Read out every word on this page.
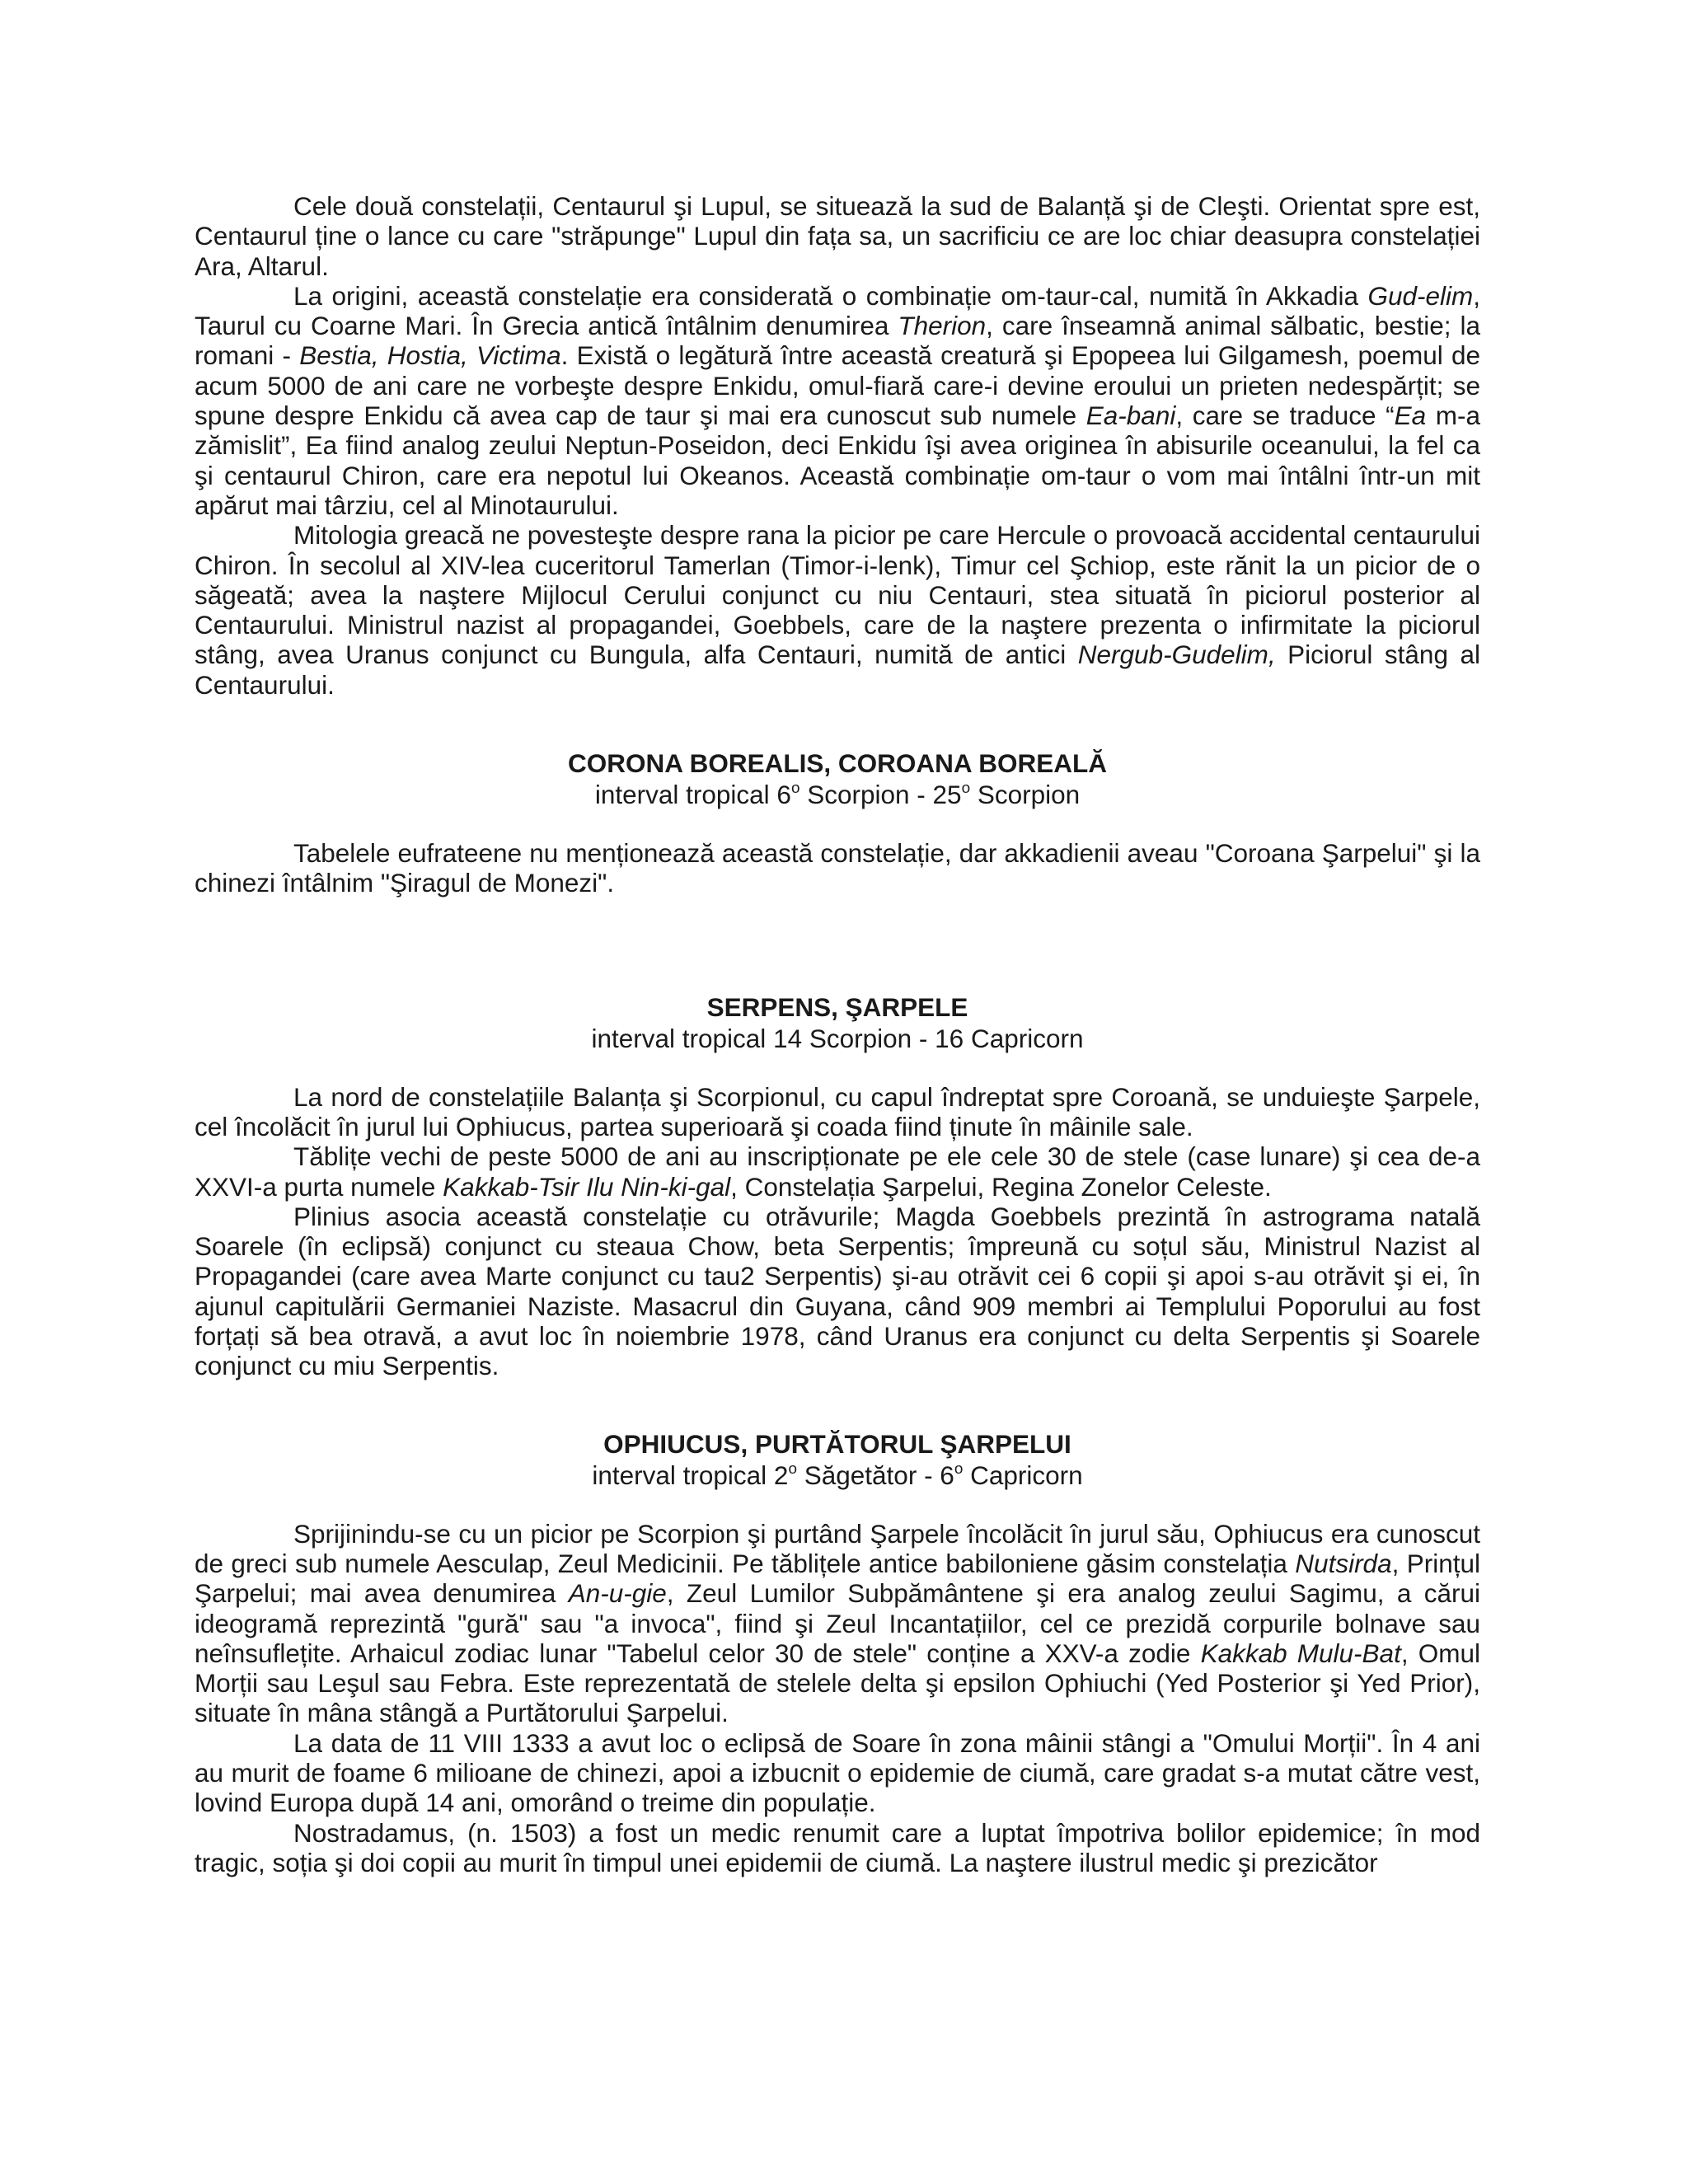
Cele două constelații, Centaurul şi Lupul, se situează la sud de Balanță şi de Cleşti. Orientat spre est, Centaurul ține o lance cu care "străpunge" Lupul din fața sa, un sacrificiu ce are loc chiar deasupra constelației Ara, Altarul.

La origini, această constelație era considerată o combinație om-taur-cal, numită în Akkadia Gud-elim, Taurul cu Coarne Mari. În Grecia antică întâlnim denumirea Therion, care înseamnă animal sălbatic, bestie; la romani - Bestia, Hostia, Victima. Există o legătură între această creatură şi Epopeea lui Gilgamesh, poemul de acum 5000 de ani care ne vorbeşte despre Enkidu, omul-fiară care-i devine eroului un prieten nedespărțit; se spune despre Enkidu că avea cap de taur şi mai era cunoscut sub numele Ea-bani, care se traduce “Ea m-a zămislit”, Ea fiind analog zeului Neptun-Poseidon, deci Enkidu îşi avea originea în abisurile oceanului, la fel ca şi centaurul Chiron, care era nepotul lui Okeanos. Această combinație om-taur o vom mai întâlni într-un mit apărut mai târziu, cel al Minotaurului.

Mitologia greacă ne povesteşte despre rana la picior pe care Hercule o provoacă accidental centaurului Chiron. În secolul al XIV-lea cuceritorul Tamerlan (Timor-i-lenk), Timur cel Şchiop, este rănit la un picior de o săgeată; avea la naştere Mijlocul Cerului conjunct cu niu Centauri, stea situată în piciorul posterior al Centaurului. Ministrul nazist al propagandei, Goebbels, care de la naştere prezenta o infirmitate la piciorul stâng, avea Uranus conjunct cu Bungula, alfa Centauri, numită de antici Nergub-Gudelim, Piciorul stâng al Centaurului.

CORONA BOREALIS, COROANA BOREALĂ
interval tropical 6$^o$ Scorpion - 25$^o$ Scorpion

Tabelele eufrateene nu menționează această constelație, dar akkadienii aveau "Coroana Şarpelui" şi la chinezi întâlnim "Şiragul de Monezi".

SERPENS, ŞARPELE
interval tropical 14 Scorpion - 16 Capricorn

La nord de constelațiile Balanța şi Scorpionul, cu capul îndreptat spre Coroană, se unduieşte Şarpele, cel încolăcit în jurul lui Ophiucus, partea superioară şi coada fiind ținute în mâinile sale.

Tăblițe vechi de peste 5000 de ani au inscripționate pe ele cele 30 de stele (case lunare) şi cea de-a XXVI-a purta numele Kakkab-Tsir Ilu Nin-ki-gal, Constelația Şarpelui, Regina Zonelor Celeste.

Plinius asocia această constelație cu otrăvurile; Magda Goebbels prezintă în astrograma natală Soarele (în eclipsă) conjunct cu steaua Chow, beta Serpentis; împreună cu soțul său, Ministrul Nazist al Propagandei (care avea Marte conjunct cu tau2 Serpentis) şi-au otrăvit cei 6 copii şi apoi s-au otrăvit şi ei, în ajunul capitulării Germaniei Naziste. Masacrul din Guyana, când 909 membri ai Templului Poporului au fost forțați să bea otravă, a avut loc în noiembrie 1978, când Uranus era conjunct cu delta Serpentis şi Soarele conjunct cu miu Serpentis.

OPHIUCUS, PURTĂTORUL ŞARPELUI
interval tropical 2$^o$ Săgetător - 6$^o$ Capricorn

Sprijinindu-se cu un picior pe Scorpion şi purtând Şarpele încolăcit în jurul său, Ophiucus era cunoscut de greci sub numele Aesculap, Zeul Medicinii. Pe tăblițele antice babiloniene găsim constelația Nutsirda, Prințul Şarpelui; mai avea denumirea An-u-gie, Zeul Lumilor Subpământene şi era analog zeului Sagimu, a cărui ideogramă reprezintă "gură" sau "a invoca", fiind şi Zeul Incantațiilor, cel ce prezidă corpurile bolnave sau neînsuflețite. Arhaicul zodiac lunar "Tabelul celor 30 de stele" conține a XXV-a zodie Kakkab Mulu-Bat, Omul Morții sau Leşul sau Febra. Este reprezentată de stelele delta şi epsilon Ophiuchi (Yed Posterior şi Yed Prior), situate în mâna stângă a Purtătorului Şarpelui.

La data de 11 VIII 1333 a avut loc o eclipsă de Soare în zona mâinii stângi a "Omului Morții". În 4 ani au murit de foame 6 milioane de chinezi, apoi a izbucnit o epidemie de ciumă, care gradat s-a mutat către vest, lovind Europa după 14 ani, omorând o treime din populație.

Nostradamus, (n. 1503) a fost un medic renumit care a luptat împotriva bolilor epidemice; în mod tragic, soția şi doi copii au murit în timpul unei epidemii de ciumă. La naştere ilustrul medic şi prezicător
